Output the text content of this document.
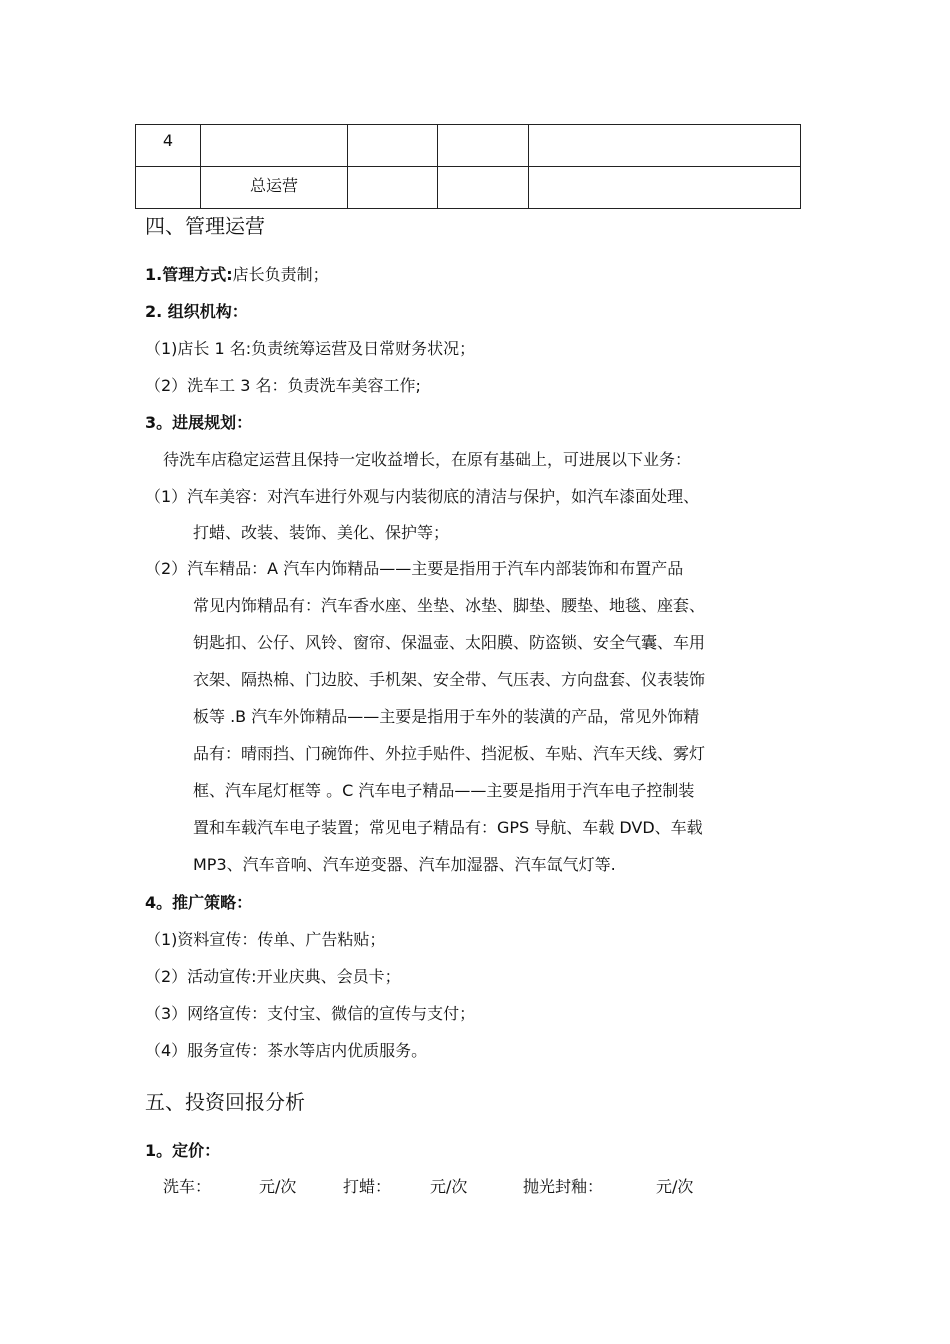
4				
	总运营			
四、管理运营
1.管理方式:店长负责制；
2. 组织机构：
（1)店长 1 名:负责统筹运营及日常财务状况；
（2）洗车工 3 名：负责洗车美容工作;
3。进展规划：
待洗车店稳定运营且保持一定收益增长，在原有基础上，可进展以下业务：
（1）汽车美容：对汽车进行外观与内装彻底的清洁与保护，如汽车漆面处理、
打蜡、改装、装饰、美化、保护等；
（2）汽车精品：A 汽车内饰精品——主要是指用于汽车内部装饰和布置产品
常见内饰精品有：汽车香水座、坐垫、冰垫、脚垫、腰垫、地毯、座套、
钥匙扣、公仔、风铃、窗帘、保温壶、太阳膜、防盗锁、安全气囊、车用
衣架、隔热棉、门边胶、手机架、安全带、气压表、方向盘套、仪表装饰
板等 .B 汽车外饰精品——主要是指用于车外的装潢的产品，常见外饰精
品有：晴雨挡、门碗饰件、外拉手贴件、挡泥板、车贴、汽车天线、雾灯
框、汽车尾灯框等 。C 汽车电子精品——主要是指用于汽车电子控制装
置和车载汽车电子装置；常见电子精品有：GPS 导航、车载 DVD、车载
MP3、汽车音响、汽车逆变器、汽车加湿器、汽车氙气灯等.
4。推广策略：
（1)资料宣传：传单、广告粘贴；
（2）活动宣传:开业庆典、会员卡；
（3）网络宣传：支付宝、微信的宣传与支付；
（4）服务宣传：茶水等店内优质服务。
五、投资回报分析
1。定价：
洗车：	元/次	打蜡： 元/次	抛光封釉：	元/次
